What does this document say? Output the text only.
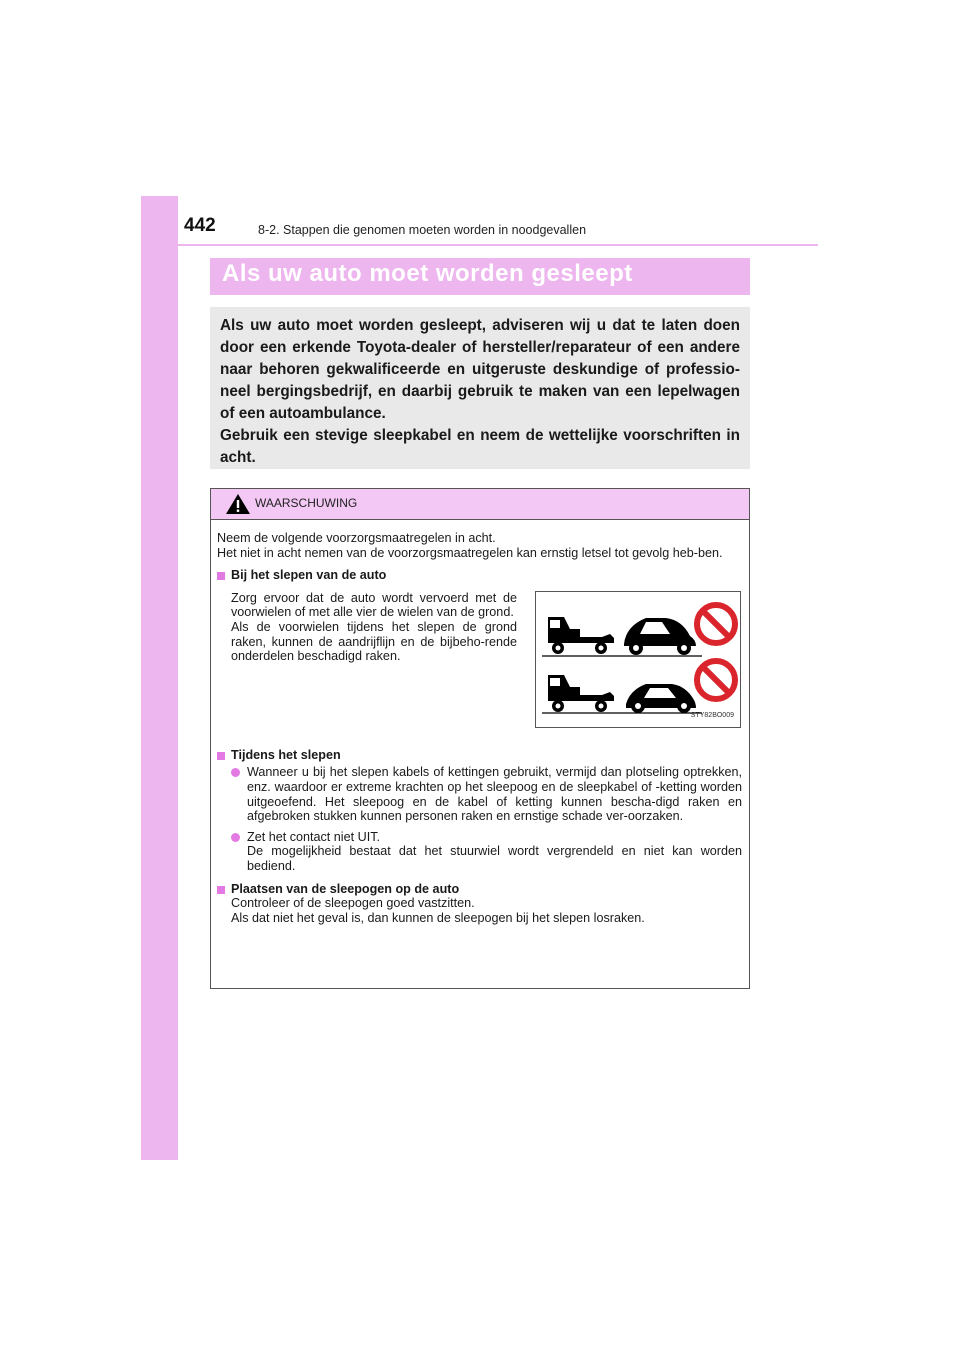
442	8-2. Stappen die genomen moeten worden in noodgevallen
Als uw auto moet worden gesleept

Als uw auto moet worden gesleept, adviseren wij u dat te laten doen door een erkende Toyota-dealer of hersteller/reparateur of een andere naar behoren gekwalificeerde en uitgeruste deskundige of professio-neel bergingsbedrijf, en daarbij gebruik te maken van een lepelwagen of een autoambulance.

Gebruik een stevige sleepkabel en neem de wettelijke voorschriften in acht.

WAARSCHUWING

Neem de volgende voorzorgsmaatregelen in acht.

Het niet in acht nemen van de voorzorgsmaatregelen kan ernstig letsel tot gevolg heb-ben.

Bij het slepen van de auto

Zorg ervoor dat de auto wordt vervoerd met de voorwielen of met alle vier de wielen van de grond.

Als de voorwielen tijdens het slepen de grond raken, kunnen de aandrijflijn en de bijbeho-rende onderdelen beschadigd raken.

STY82BO009
Tijdens het slepen
Wanneer u bij het slepen kabels of kettingen gebruikt, vermijd dan plotseling optrekken, enz. waardoor er extreme krachten op het sleepoog en de sleepkabel of -ketting worden uitgeoefend. Het sleepoog en de kabel of ketting kunnen bescha-digd raken en afgebroken stukken kunnen personen raken en ernstige schade ver-oorzaken.

Zet het contact niet UIT.

De mogelijkheid bestaat dat het stuurwiel wordt vergrendeld en niet kan worden bediend.

Plaatsen van de sleepogen op de auto

Controleer of de sleepogen goed vastzitten.

Als dat niet het geval is, dan kunnen de sleepogen bij het slepen losraken.
